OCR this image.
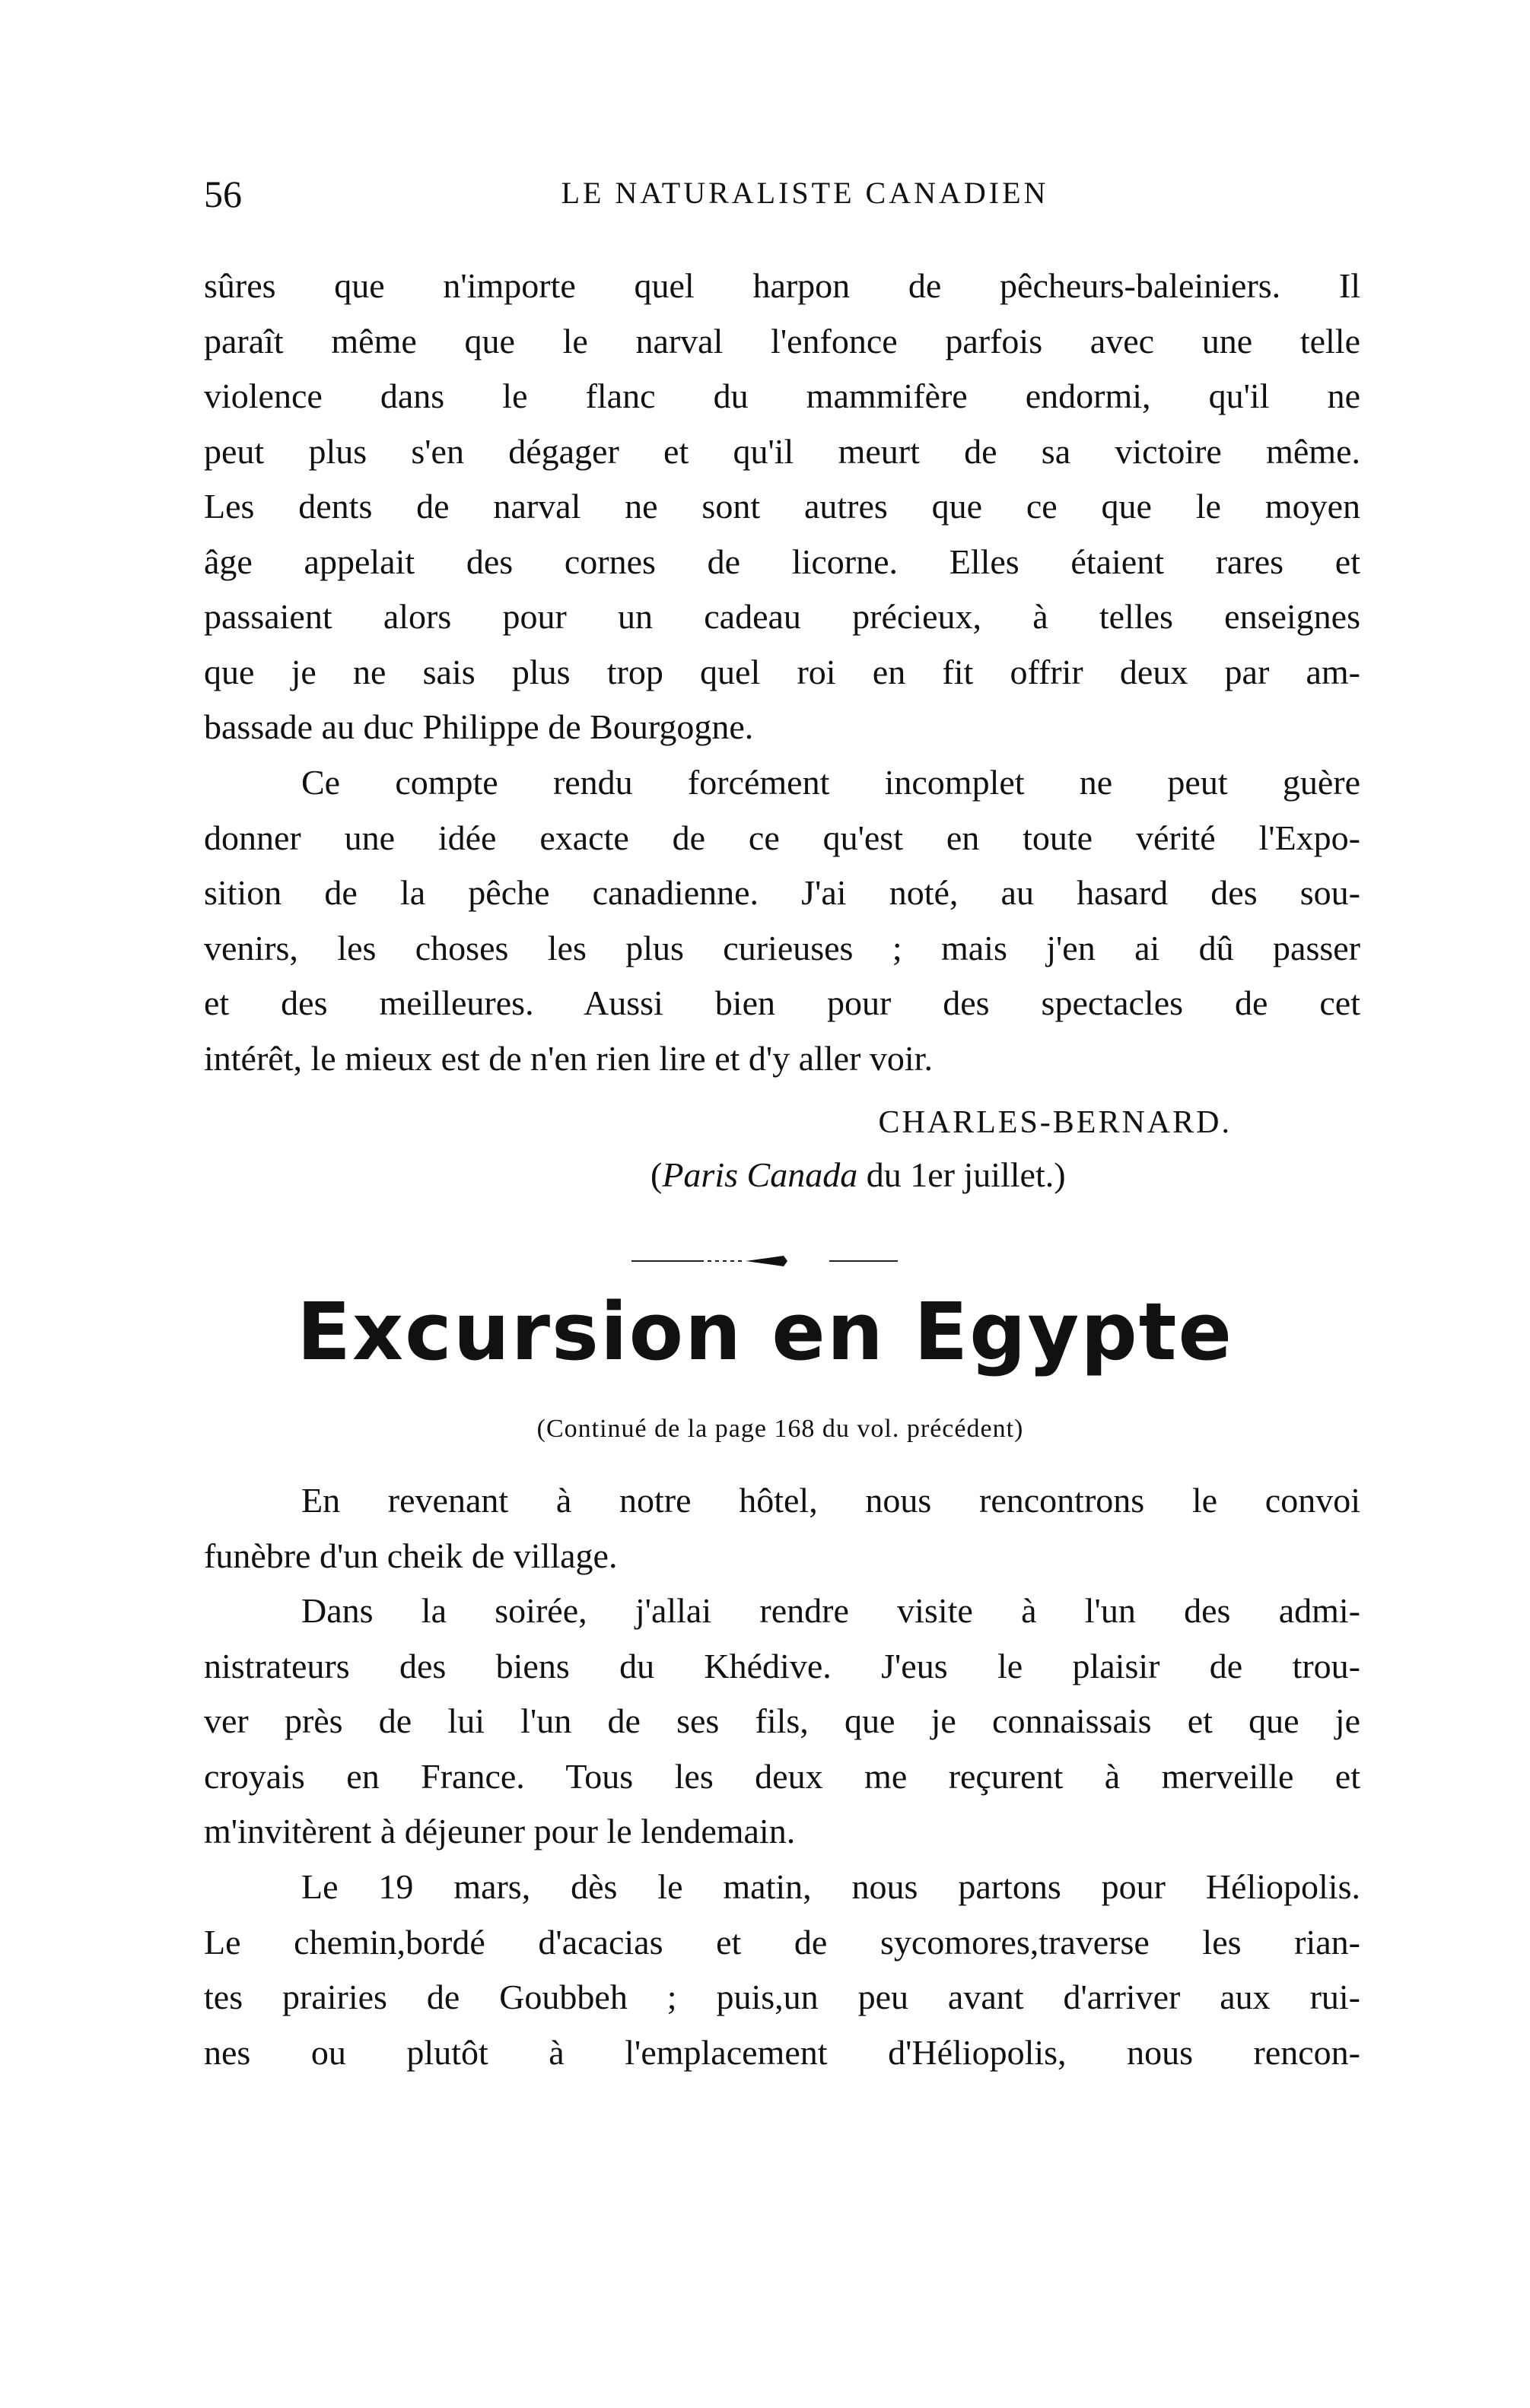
56	LE NATURALISTE CANADIEN

sûres que n'importe quel harpon de pêcheurs-baleiniers. Il

paraît même que le narval l'enfonce parfois avec une telle

violence dans le flanc du mammifère endormi, qu'il ne

peut plus s'en dégager et qu'il meurt de sa victoire même.

Les dents de narval ne sont autres que ce que le moyen

âge appelait des cornes de licorne. Elles étaient rares et

passaient alors pour un cadeau précieux, à telles enseignes

que je ne sais plus trop quel roi en fit offrir deux par am-

bassade au duc Philippe de Bourgogne.

Ce compte rendu forcément incomplet ne peut guère

donner une idée exacte de ce qu'est en toute vérité l'Expo-

sition de la pêche canadienne. J'ai noté, au hasard des sou-

venirs, les choses les plus curieuses ; mais j'en ai dû passer

et des meilleures. Aussi bien pour des spectacles de cet

intérêt, le mieux est de n'en rien lire et d'y aller voir.

CHARLES-BERNARD.
(Paris Canada du 1er juillet.)
Excursion en Egypte
(Continué de la page 168 du vol. précédent)

En revenant à notre hôtel, nous rencontrons le convoi

funèbre d'un cheik de village.

Dans la soirée, j'allai rendre visite à l'un des admi-

nistrateurs des biens du Khédive. J'eus le plaisir de trou-

ver près de lui l'un de ses fils, que je connaissais et que je

croyais en France. Tous les deux me reçurent à merveille et

m'invitèrent à déjeuner pour le lendemain.

Le 19 mars, dès le matin, nous partons pour Héliopolis.

Le chemin,bordé d'acacias et de sycomores,traverse les rian-

tes prairies de Goubbeh ; puis,un peu avant d'arriver aux rui-

nes ou plutôt à l'emplacement d'Héliopolis, nous rencon-
